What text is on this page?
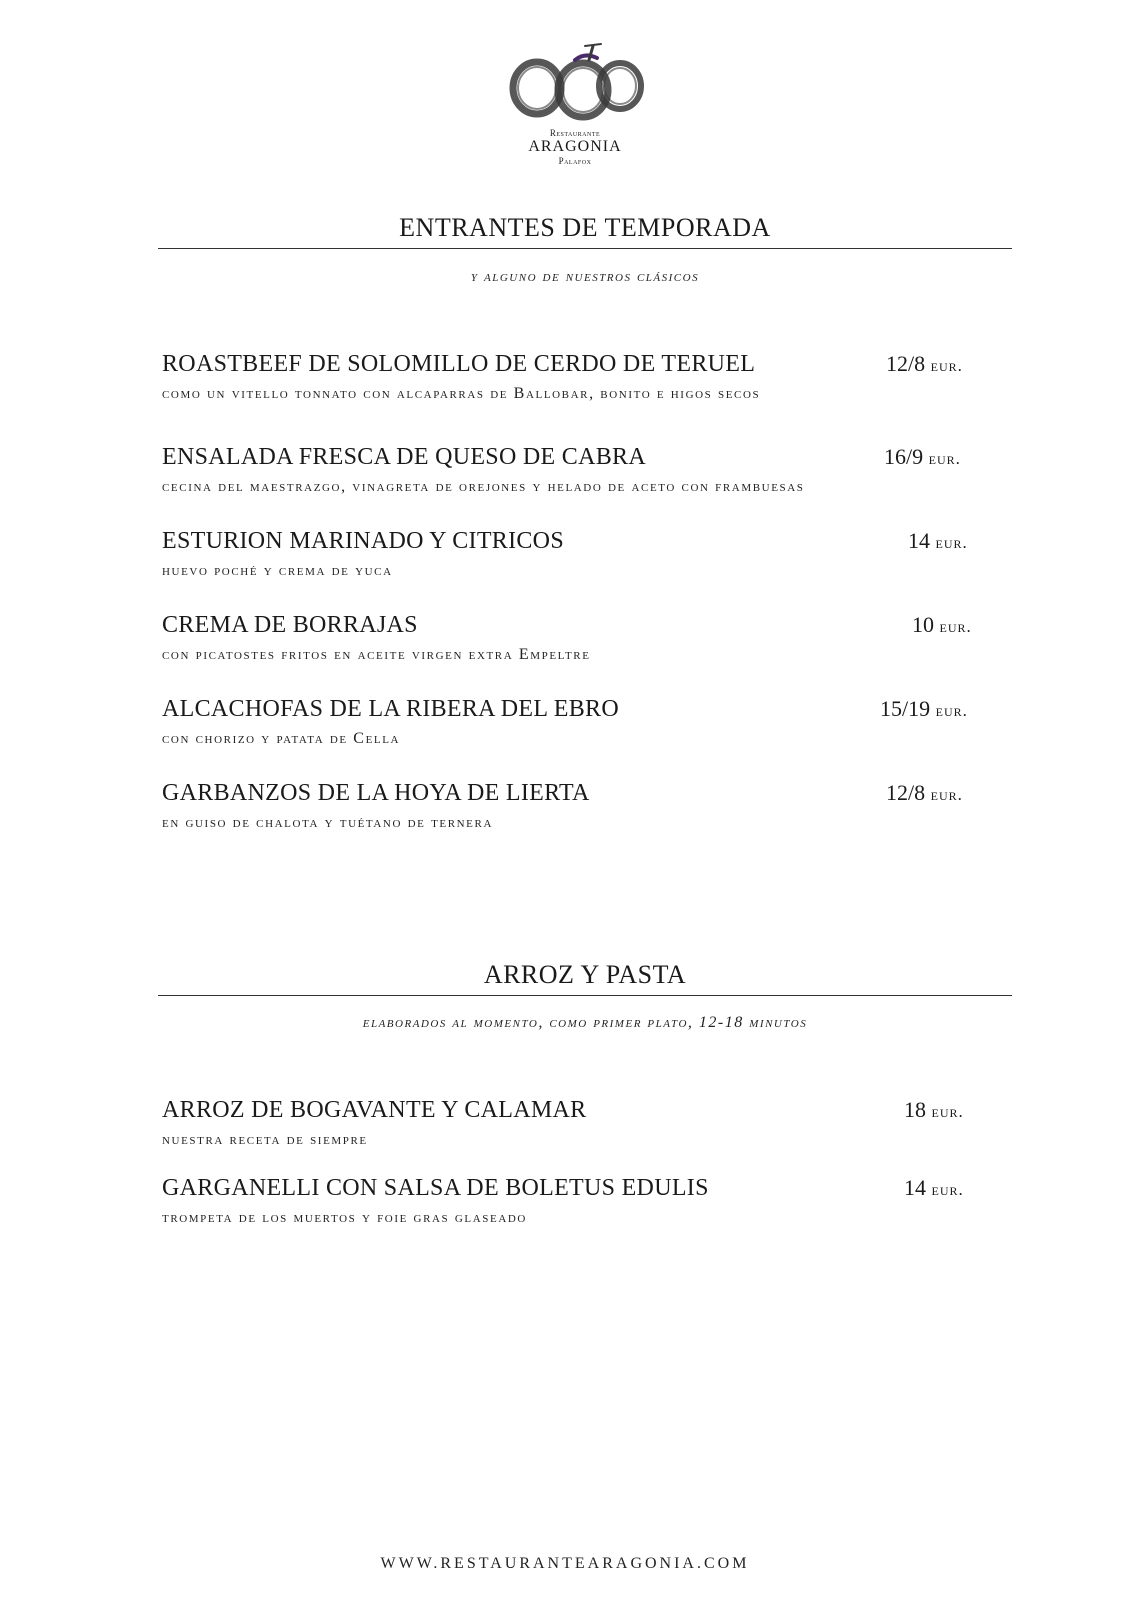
Restaurante
ARAGONIA
Palafox
ENTRANTES DE TEMPORADA
y alguno de nuestros clásicos
ROASTBEEF DE SOLOMILLO DE CERDO DE TERUEL
como un vitello tonnato con alcaparras de Ballobar, bonito e higos secos
12/8 eur.
ENSALADA FRESCA DE QUESO DE CABRA
cecina del maestrazgo, vinagreta de orejones y helado de aceto con frambuesas
16/9 eur.
ESTURION MARINADO Y CITRICOS
huevo poché y crema de yuca
14 eur.
CREMA DE BORRAJAS
con picatostes fritos en aceite virgen extra Empeltre
10 eur.
ALCACHOFAS DE LA RIBERA DEL EBRO
con chorizo y patata de Cella
15/19 eur.
GARBANZOS DE LA HOYA DE LIERTA
en guiso de chalota y tuétano de ternera
12/8 eur.
ARROZ Y PASTA
elaborados al momento, como primer plato, 12-18 minutos
ARROZ DE BOGAVANTE Y CALAMAR
nuestra receta de siempre
18 eur.
GARGANELLI CON SALSA DE BOLETUS EDULIS
trompeta de los muertos y foie gras glaseado
14 eur.
WWW.RESTAURANTEARAGONIA.COM
